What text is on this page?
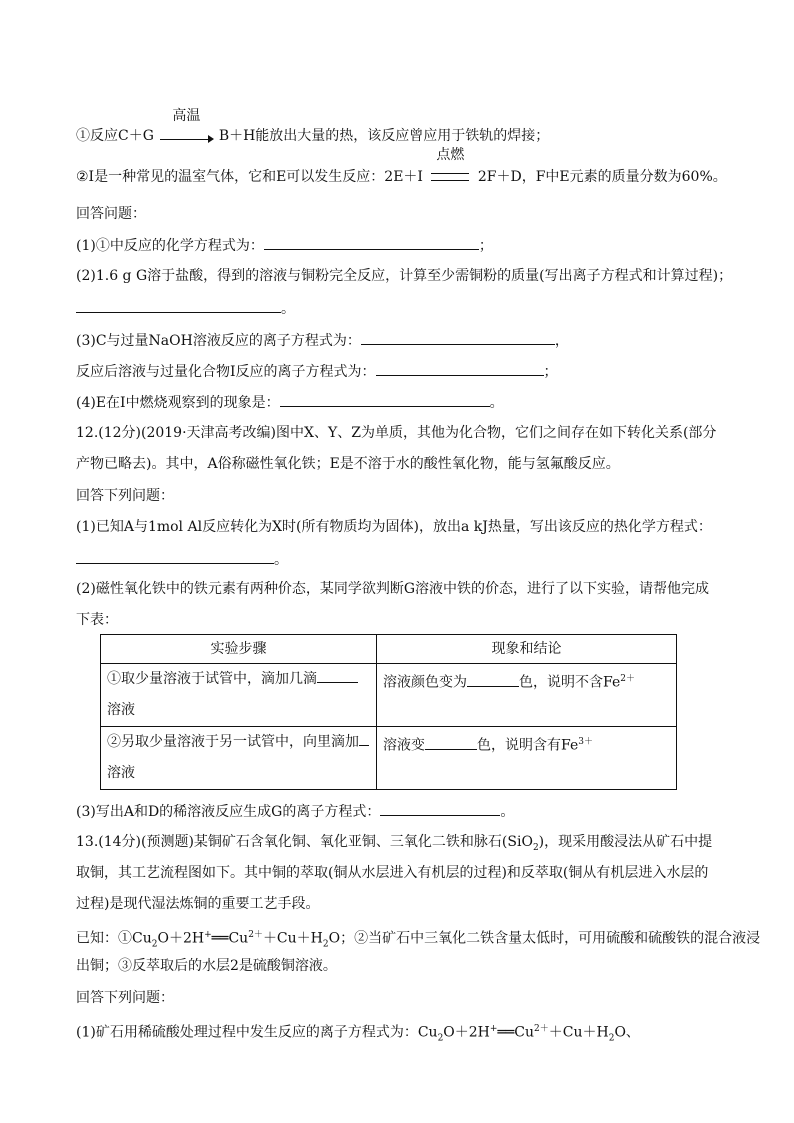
①反应C＋G
高温
B＋H能放出大量的热，该反应曾应用于铁轨的焊接；
②I是一种常见的温室气体，它和E可以发生反应：2E＋I
点燃
2F＋D，F中E元素的质量分数为60%。
回答问题：
(1)①中反应的化学方程式为：	；
(2)1.6 g G溶于盐酸，得到的溶液与铜粉完全反应，计算至少需铜粉的质量(写出离子方程式和计算过程)；
。
(3)C与过量NaOH溶液反应的离子方程式为：	，
反应后溶液与过量化合物I反应的离子方程式为：	；
(4)E在I中燃烧观察到的现象是：	。
12.(12分)(2019·天津高考改编)图中X、Y、Z为单质，其他为化合物，它们之间存在如下转化关系(部分
产物已略去)。其中，A俗称磁性氧化铁；E是不溶于水的酸性氧化物，能与氢氟酸反应。
回答下列问题：
(1)已知A与1mol Al反应转化为X时(所有物质均为固体)，放出a kJ热量，写出该反应的热化学方程式：
。
(2)磁性氧化铁中的铁元素有两种价态，某同学欲判断G溶液中铁的价态，进行了以下实验，请帮他完成
下表：
实验步骤	现象和结论

①取少量溶液于试管中，滴加几滴
溶液	溶液颜色变为 色，说明不含$Fe^{2+}$

②另取少量溶液于另一试管中，向里滴加
溶液	溶液变 色，说明含有$Fe^{3+}$
(3)写出A和D的稀溶液反应生成G的离子方程式：	。
13.(14分)(预测题)某铜矿石含氧化铜、氧化亚铜、三氧化二铁和脉石(SiO$_2$)，现采用酸浸法从矿石中提
取铜，其工艺流程图如下。其中铜的萃取(铜从水层进入有机层的过程)和反萃取(铜从有机层进入水层的
过程)是现代湿法炼铜的重要工艺手段。
已知：$①Cu_2O+2H^+══Cu^{2+}+Cu+H_2O$；②当矿石中三氧化二铁含量太低时，可用硫酸和硫酸铁的混合液浸
出铜；③反萃取后的水层2是硫酸铜溶液。
回答下列问题：
(1)矿石用稀硫酸处理过程中发生反应的离子方程式为：$Cu_2O+2H^+══Cu^{2+}+Cu+H_2O$、
